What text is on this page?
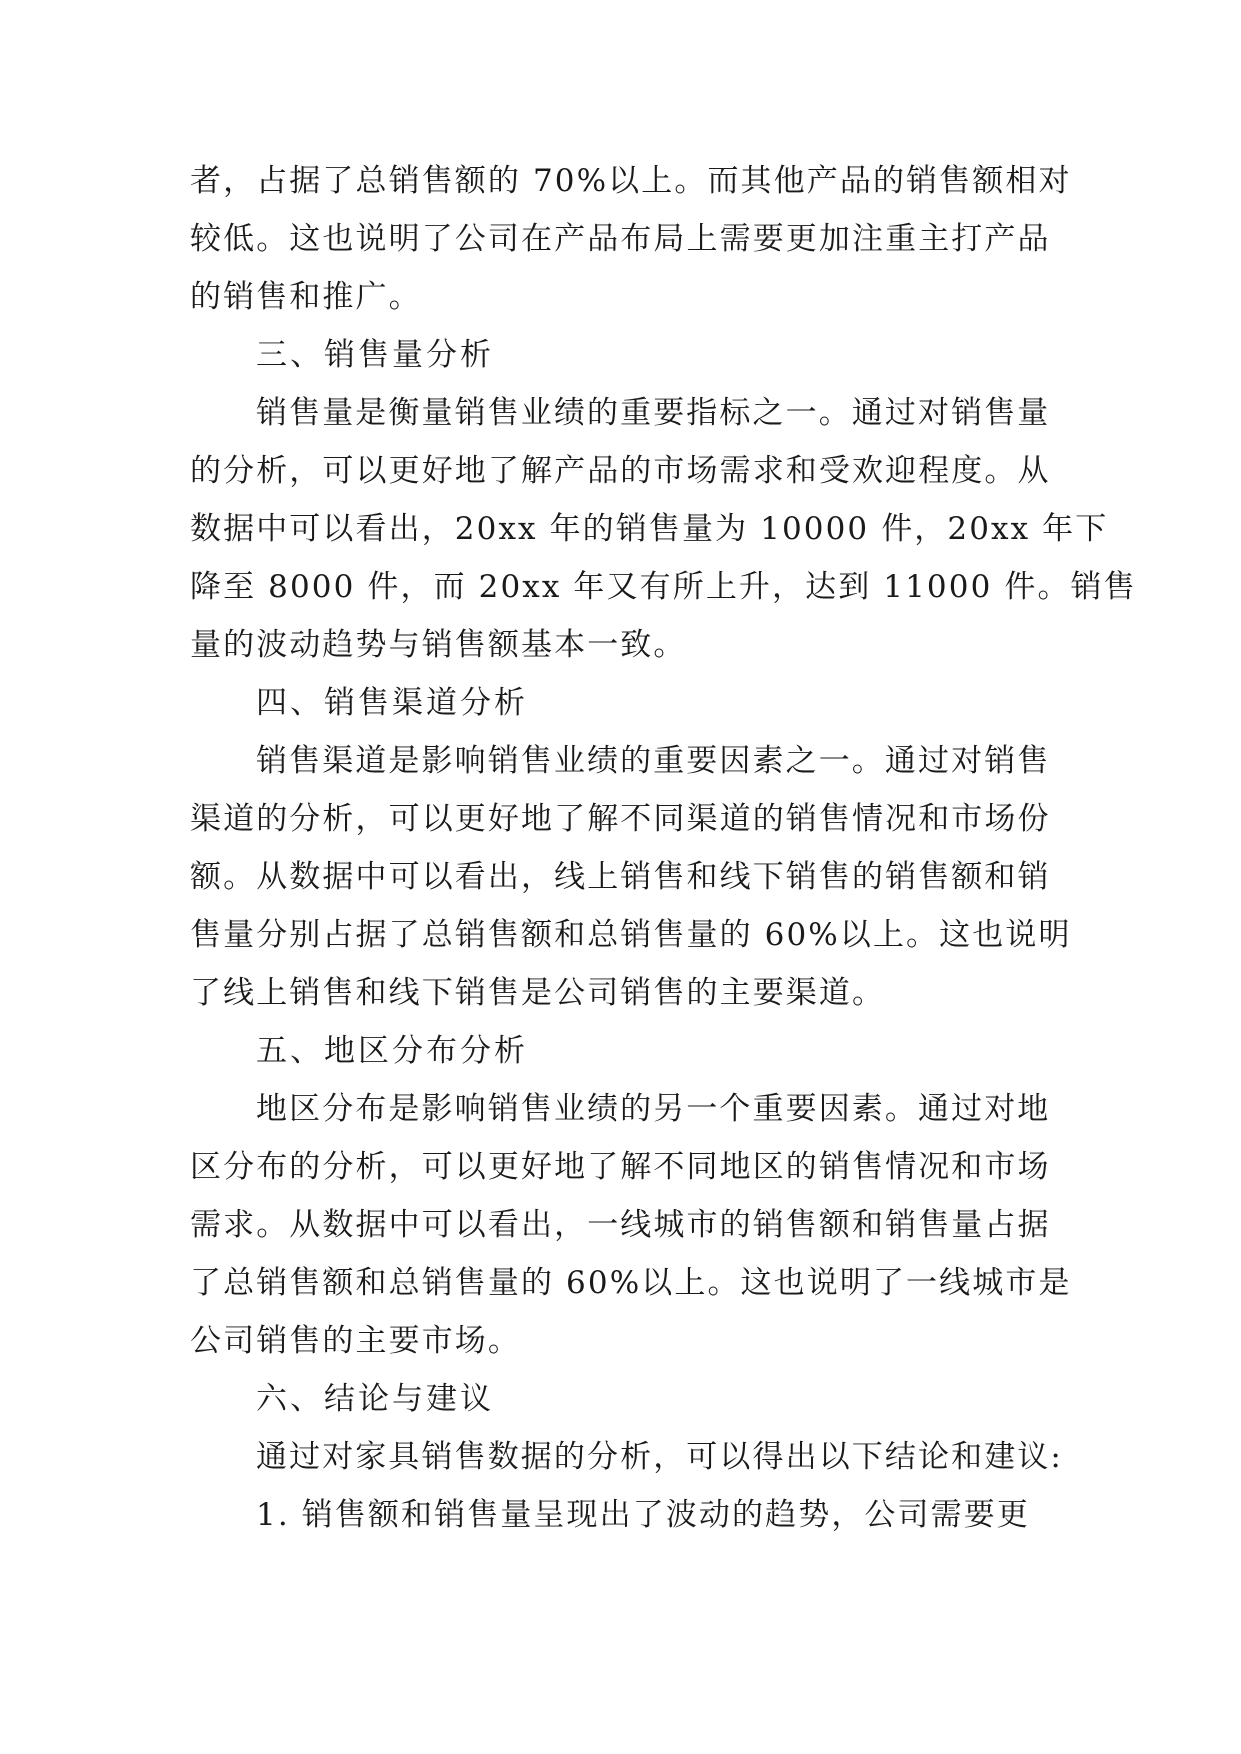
者，占据了总销售额的 70%以上。而其他产品的销售额相对
较低。这也说明了公司在产品布局上需要更加注重主打产品
的销售和推广。
三、销售量分析
销售量是衡量销售业绩的重要指标之一。通过对销售量
的分析，可以更好地了解产品的市场需求和受欢迎程度。从
数据中可以看出，20xx 年的销售量为 10000 件，20xx 年下
降至 8000 件，而 20xx 年又有所上升，达到 11000 件。销售
量的波动趋势与销售额基本一致。
四、销售渠道分析
销售渠道是影响销售业绩的重要因素之一。通过对销售
渠道的分析，可以更好地了解不同渠道的销售情况和市场份
额。从数据中可以看出，线上销售和线下销售的销售额和销
售量分别占据了总销售额和总销售量的 60%以上。这也说明
了线上销售和线下销售是公司销售的主要渠道。
五、地区分布分析
地区分布是影响销售业绩的另一个重要因素。通过对地
区分布的分析，可以更好地了解不同地区的销售情况和市场
需求。从数据中可以看出，一线城市的销售额和销售量占据
了总销售额和总销售量的 60%以上。这也说明了一线城市是
公司销售的主要市场。
六、结论与建议
通过对家具销售数据的分析，可以得出以下结论和建议:
1. 销售额和销售量呈现出了波动的趋势，公司需要更
